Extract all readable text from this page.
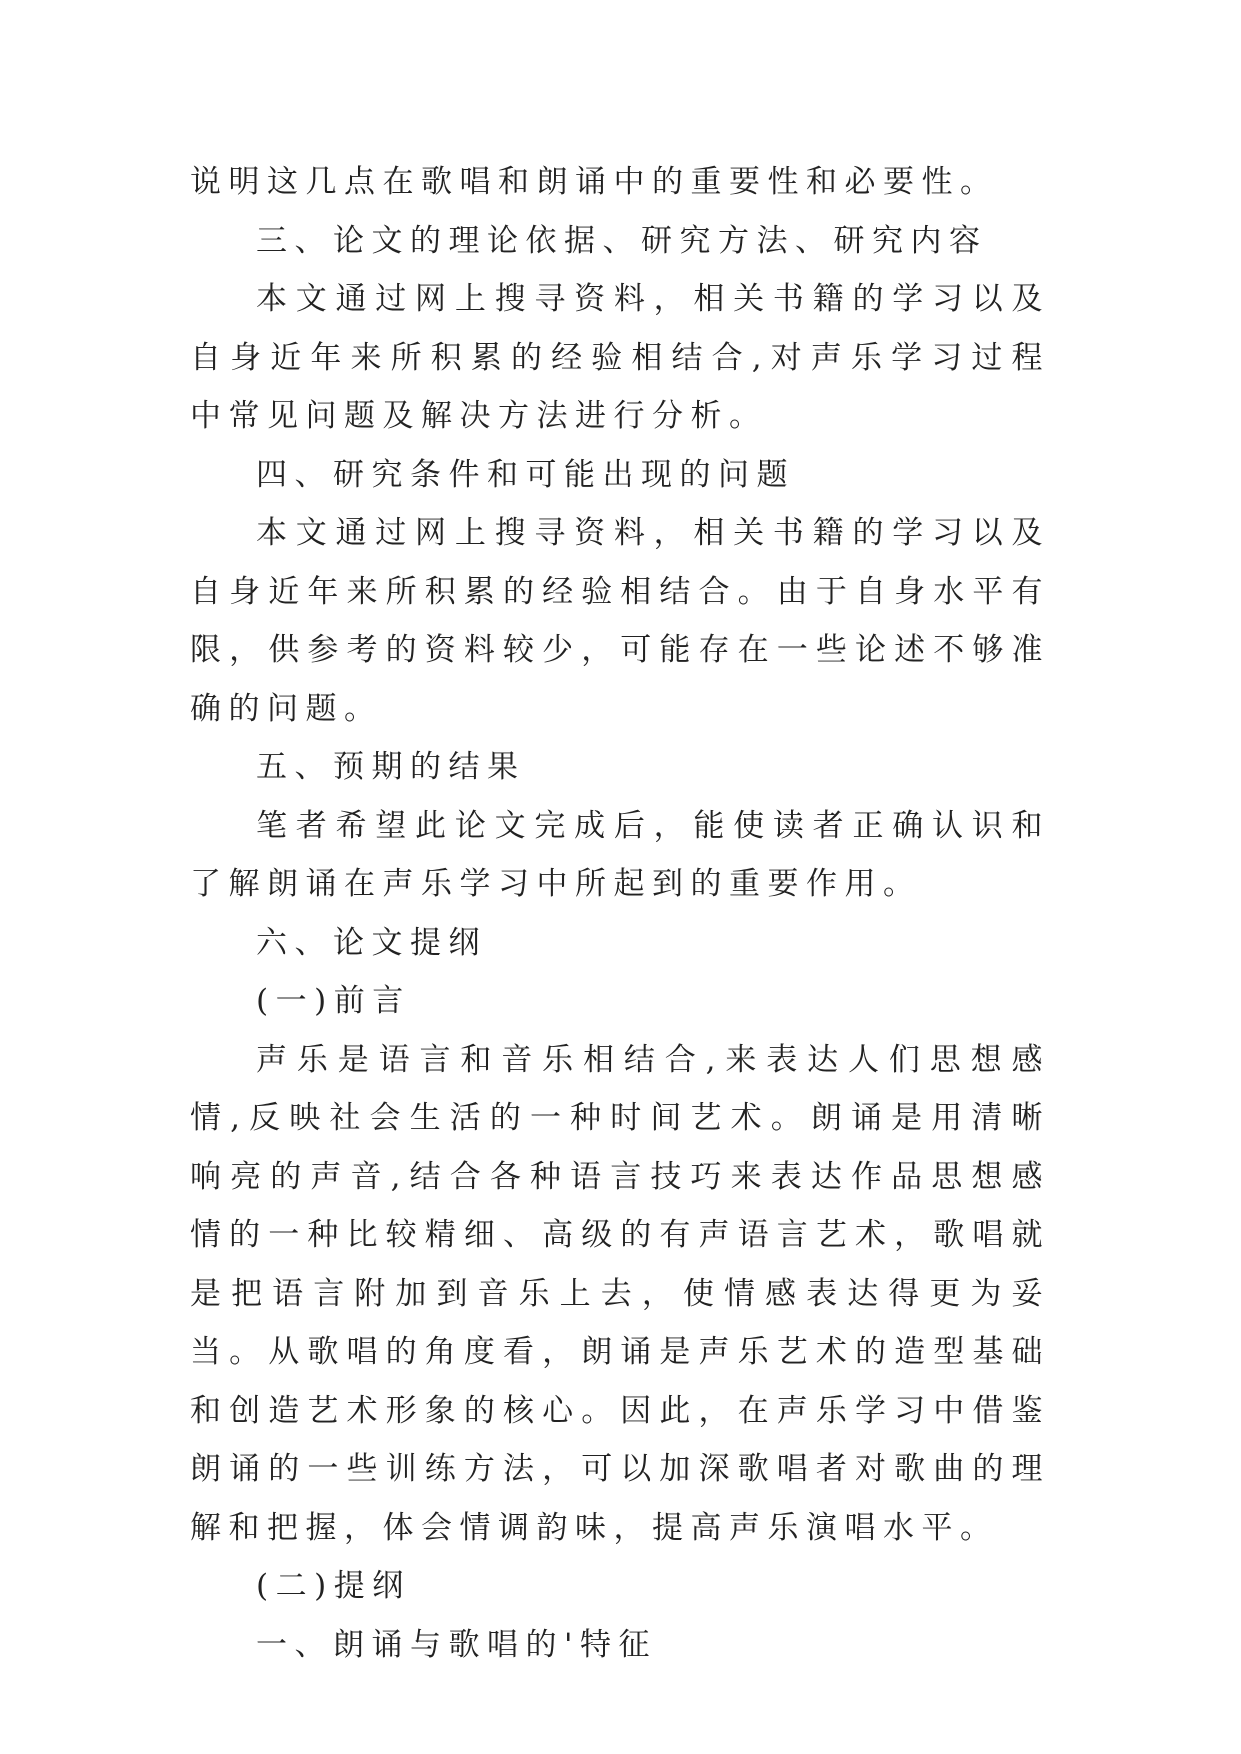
说明这几点在歌唱和朗诵中的重要性和必要性。

三、论文的理论依据、研究方法、研究内容

本文通过网上搜寻资料，相关书籍的学习以及自身近年来所积累的经验相结合,对声乐学习过程中常见问题及解决方法进行分析。

四、研究条件和可能出现的问题

本文通过网上搜寻资料，相关书籍的学习以及自身近年来所积累的经验相结合。由于自身水平有限，供参考的资料较少，可能存在一些论述不够准确的问题。

五、预期的结果

笔者希望此论文完成后，能使读者正确认识和了解朗诵在声乐学习中所起到的重要作用。

六、论文提纲

(一)前言

声乐是语言和音乐相结合,来表达人们思想感情,反映社会生活的一种时间艺术。朗诵是用清晰响亮的声音,结合各种语言技巧来表达作品思想感情的一种比较精细、高级的有声语言艺术，歌唱就是把语言附加到音乐上去，使情感表达得更为妥当。从歌唱的角度看，朗诵是声乐艺术的造型基础和创造艺术形象的核心。因此，在声乐学习中借鉴朗诵的一些训练方法，可以加深歌唱者对歌曲的理解和把握，体会情调韵味，提高声乐演唱水平。

(二)提纲

一、朗诵与歌唱的'特征
